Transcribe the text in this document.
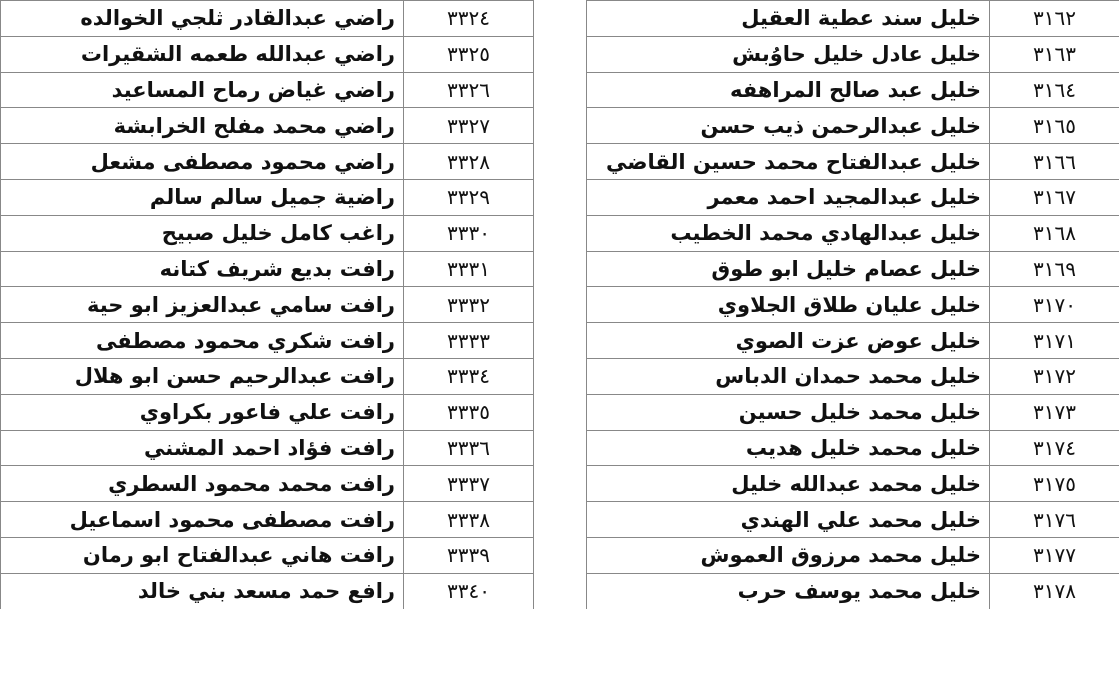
٣٣٢٤	راضي عبدالقادر ثلجي الخوالده
٣٣٢٥	راضي عبدالله طعمه الشقيرات
٣٣٢٦	راضي غياض رماح المساعيد
٣٣٢٧	راضي محمد مفلح الخرابشة
٣٣٢٨	راضي محمود مصطفى مشعل
٣٣٢٩	راضية جميل سالم سالم
٣٣٣٠	راغب كامل خليل صبيح
٣٣٣١	رافت بديع شريف كتانه
٣٣٣٢	رافت سامي عبدالعزيز ابو حية
٣٣٣٣	رافت شكري محمود مصطفى
٣٣٣٤	رافت عبدالرحيم حسن ابو هلال
٣٣٣٥	رافت علي فاعور بكراوي
٣٣٣٦	رافت فؤاد احمد المشني
٣٣٣٧	رافت محمد محمود السطري
٣٣٣٨	رافت مصطفى محمود اسماعيل
٣٣٣٩	رافت هاني عبدالفتاح ابو رمان
٣٣٤٠	رافع حمد مسعد بني خالد
٣١٦٢	خليل سند عطية العقيل
٣١٦٣	خليل عادل خليل حاوُبش
٣١٦٤	خليل عبد صالح المراهفه
٣١٦٥	خليل عبدالرحمن ذيب حسن
٣١٦٦	خليل عبدالفتاح محمد حسين القاضي
٣١٦٧	خليل عبدالمجيد احمد معمر
٣١٦٨	خليل عبدالهادي محمد الخطيب
٣١٦٩	خليل عصام خليل ابو طوق
٣١٧٠	خليل عليان طلاق الجلاوي
٣١٧١	خليل عوض عزت الصوي
٣١٧٢	خليل محمد حمدان الدباس
٣١٧٣	خليل محمد خليل حسين
٣١٧٤	خليل محمد خليل هديب
٣١٧٥	خليل محمد عبدالله خليل
٣١٧٦	خليل محمد علي الهندي
٣١٧٧	خليل محمد مرزوق العموش
٣١٧٨	خليل محمد يوسف حرب
